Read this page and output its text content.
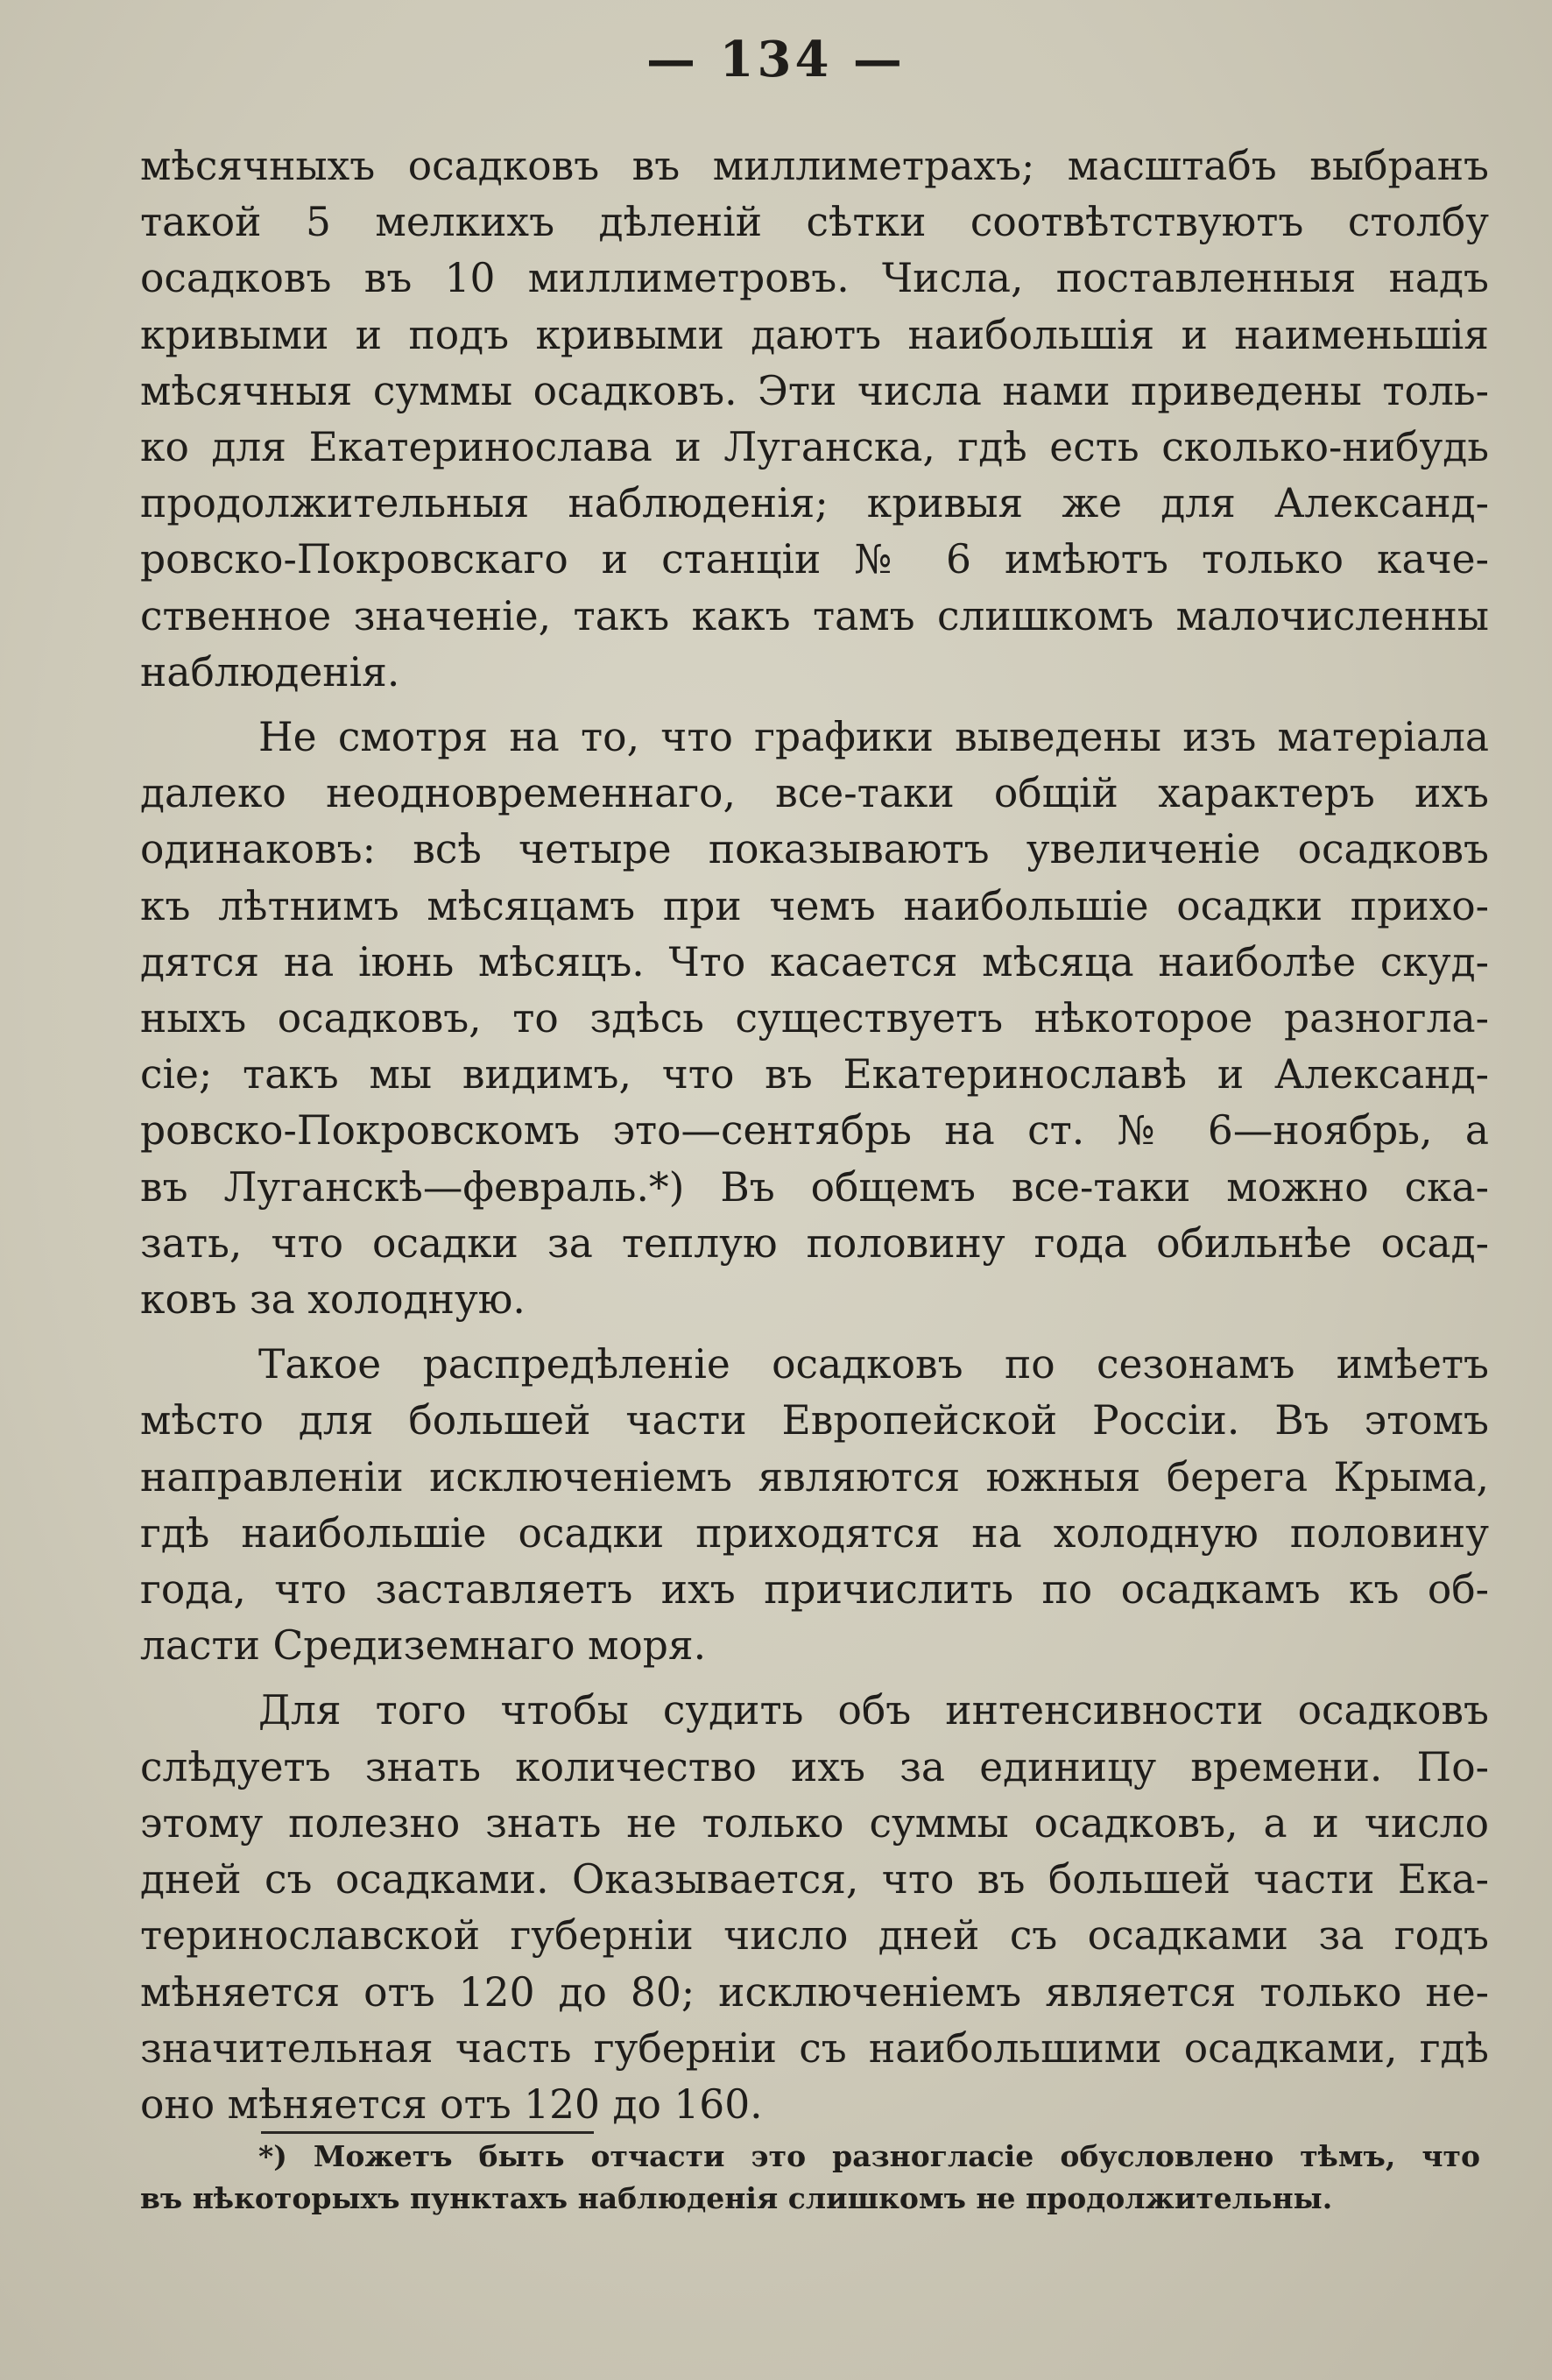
— 134 —
мѣсячныхъ осадковъ въ миллиметрахъ; масштабъ выбранъ
такой 5 мелкихъ дѣленій сѣтки соотвѣтствуютъ столбу
осадковъ въ 10 миллиметровъ. Числа, поставленныя надъ
кривыми и подъ кривыми даютъ наибольшія и наименьшія
мѣсячныя суммы осадковъ. Эти числа нами приведены толь-
ко для Екатеринослава и Луганска, гдѣ есть сколько-нибудь
продолжительныя наблюденія; кривыя же для Александ-
ровско-Покровскаго и станціи № 6 имѣютъ только каче-
ственное значеніе, такъ какъ тамъ слишкомъ малочисленны
наблюденія.
Не смотря на то, что графики выведены изъ матеріала
далеко неодновременнаго, все-таки общій характеръ ихъ
одинаковъ: всѣ четыре показываютъ увеличеніе осадковъ
къ лѣтнимъ мѣсяцамъ при чемъ наибольшіе осадки прихо-
дятся на іюнь мѣсяцъ. Что касается мѣсяца наиболѣе скуд-
ныхъ осадковъ, то здѣсь существуетъ нѣкоторое разногла-
сіе; такъ мы видимъ, что въ Екатеринославѣ и Александ-
ровско-Покровскомъ это—сентябрь на ст. № 6—ноябрь, а
въ Луганскѣ—февраль.*) Въ общемъ все-таки можно ска-
зать, что осадки за теплую половину года обильнѣе осад-
ковъ за холодную.
Такое распредѣленіе осадковъ по сезонамъ имѣетъ
мѣсто для большей части Европейской Россіи. Въ этомъ
направленіи исключеніемъ являются южныя берега Крыма,
гдѣ наибольшіе осадки приходятся на холодную половину
года, что заставляетъ ихъ причислить по осадкамъ къ об-
ласти Средиземнаго моря.
Для того чтобы судить объ интенсивности осадковъ
слѣдуетъ знать количество ихъ за единицу времени. По-
этому полезно знать не только суммы осадковъ, а и число
дней съ осадками. Оказывается, что въ большей части Ека-
теринославской губерніи число дней съ осадками за годъ
мѣняется отъ 120 до 80; исключеніемъ является только не-
значительная часть губерніи съ наибольшими осадками, гдѣ
оно мѣняется отъ 120 до 160.
*) Можетъ быть отчасти это разногласіе обусловлено тѣмъ, что
въ нѣкоторыхъ пунктахъ наблюденія слишкомъ не продолжительны.
